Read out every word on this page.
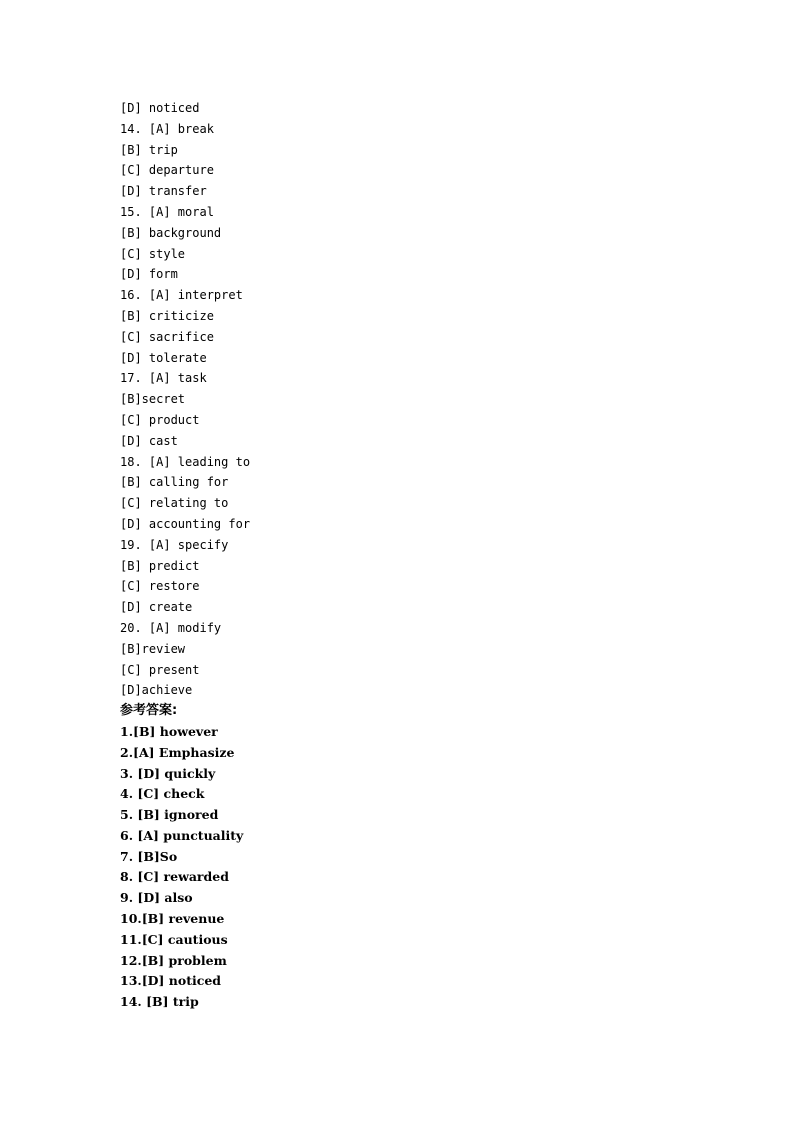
[D] noticed
14. [A] break
[B] trip
[C] departure
[D] transfer
15. [A] moral
[B] background
[C] style
[D] form
16. [A] interpret
[B] criticize
[C] sacrifice
[D] tolerate
17. [A] task
[B]secret
[C] product
[D] cast
18. [A] leading to
[B] calling for
[C] relating to
[D] accounting for
19. [A] specify
[B] predict
[C] restore
[D] create
20. [A] modify
[B]review
[C] present
[D]achieve
参考答案:
1.[B] however
2.[A] Emphasize
3. [D] quickly
4. [C] check
5. [B] ignored
6. [A] punctuality
7. [B]So
8. [C] rewarded
9. [D] also
10.[B] revenue
11.[C] cautious
12.[B] problem
13.[D] noticed
14. [B] trip
